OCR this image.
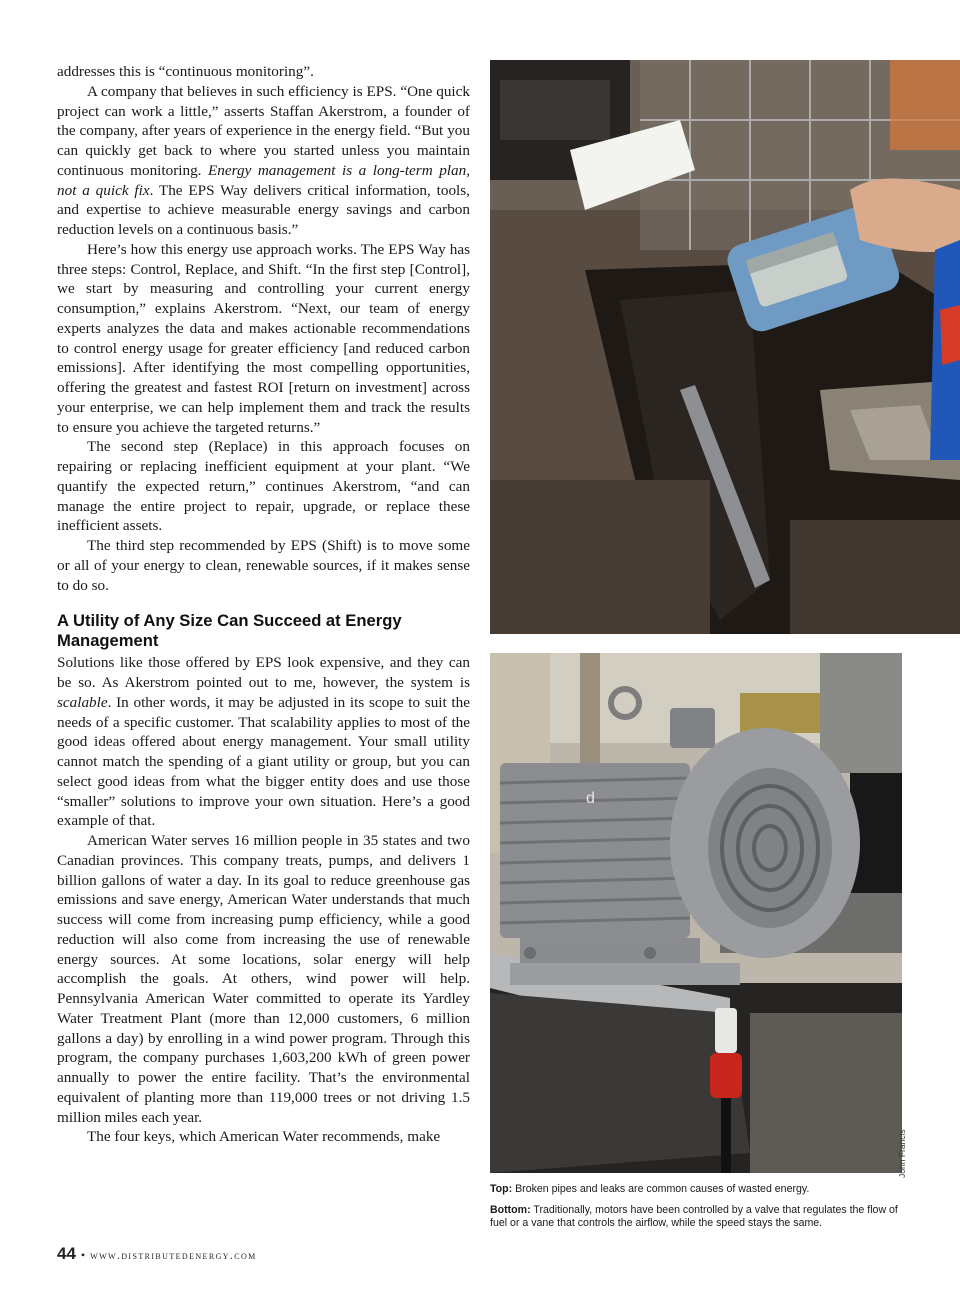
addresses this is “continuous monitoring”.

A company that believes in such efficiency is EPS. “One quick project can work a little,” asserts Staffan Akerstrom, a founder of the company, after years of experience in the energy field. “But you can quickly get back to where you started unless you maintain continuous monitoring. Energy management is a long-term plan, not a quick fix. The EPS Way delivers critical information, tools, and expertise to achieve measurable energy savings and carbon reduction levels on a continuous basis.”

Here’s how this energy use approach works. The EPS Way has three steps: Control, Replace, and Shift. “In the first step [Control], we start by measuring and controlling your current energy consumption,” explains Akerstrom. “Next, our team of energy experts analyzes the data and makes actionable recommendations to control energy usage for greater efficiency [and reduced carbon emissions]. After identifying the most compelling opportunities, offering the greatest and fastest ROI [return on investment] across your enterprise, we can help implement them and track the results to ensure you achieve the targeted returns.”

The second step (Replace) in this approach focuses on repairing or replacing inefficient equipment at your plant. “We quantify the expected return,” continues Akerstrom, “and can manage the entire project to repair, upgrade, or replace these inefficient assets.

The third step recommended by EPS (Shift) is to move some or all of your energy to clean, renewable sources, if it makes sense to do so.

A Utility of Any Size Can Succeed at Energy Management

Solutions like those offered by EPS look expensive, and they can be so. As Akerstrom pointed out to me, however, the system is scalable. In other words, it may be adjusted in its scope to suit the needs of a specific customer. That scalability applies to most of the good ideas offered about energy management. Your small utility cannot match the spending of a giant utility or group, but you can select good ideas from what the bigger entity does and use those “smaller” solutions to improve your own situation. Here’s a good example of that.

American Water serves 16 million people in 35 states and two Canadian provinces. This company treats, pumps, and delivers 1 billion gallons of water a day. In its goal to reduce greenhouse gas emissions and save energy, American Water understands that much success will come from increasing pump efficiency, while a good reduction will also come from increasing the use of renewable energy sources. At some locations, solar energy will help accomplish the goals. At others, wind power will help. Pennsylvania American Water committed to operate its Yardley Water Treatment Plant (more than 12,000 customers, 6 million gallons a day) by enrolling in a wind power program. Through this program, the company purchases 1,603,200 kWh of green power annually to power the entire facility. That’s the environmental equivalent of planting more than 119,000 trees or not driving 1.5 million miles each year.

The four keys, which American Water recommends, make

d
John Francis

Top: Broken pipes and leaks are common causes of wasted energy.

Bottom: Traditionally, motors have been controlled by a valve that regulates the flow of fuel or a vane that controls the airflow, while the speed stays the same.

44 • www.distributedenergy.com
